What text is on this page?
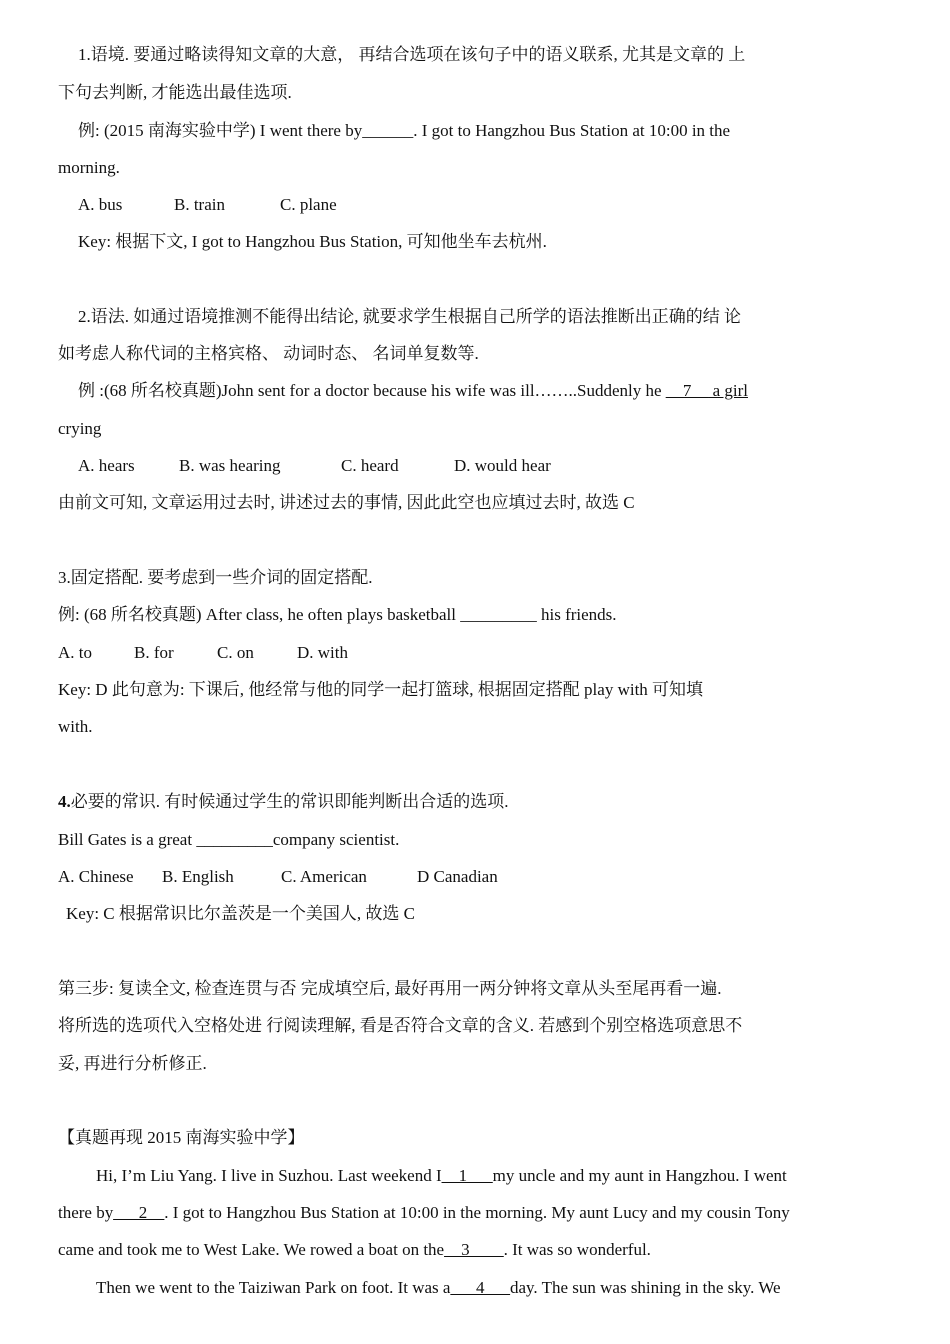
1.语境. 要通过略读得知文章的大意， 再结合选项在该句子中的语义联系, 尤其是文章的 上
下句去判断, 才能选出最佳选项.
例: (2015 南海实验中学) I went there by______. I got to Hangzhou Bus Station at 10:00 in the
morning.
A. bus	B. train	C. plane
Key: 根据下文, I got to Hangzhou Bus Station, 可知他坐车去杭州.
2.语法. 如通过语境推测不能得出结论, 就要求学生根据自己所学的语法推断出正确的结 论
如考虑人称代词的主格宾格、 动词时态、 名词单复数等.
例 :(68 所名校真题)John sent for a doctor because his wife was ill……..Suddenly he __7__ a girl
crying
A. hears	B. was hearing	C. heard	D. would hear
由前文可知, 文章运用过去时, 讲述过去的事情, 因此此空也应填过去时, 故选 C
3.固定搭配. 要考虑到一些介词的固定搭配.
例: (68 所名校真题) After class, he often plays basketball _________ his friends.
A. to B. for	C. on	D. with
Key: D 此句意为: 下课后, 他经常与他的同学一起打篮球, 根据固定搭配 play with 可知填
with.
4.必要的常识. 有时候通过学生的常识即能判断出合适的选项.
Bill Gates is a great _________company scientist.
A. Chinese B. English	C. American	D Canadian
Key: C 根据常识比尔盖茨是一个美国人, 故选 C
第三步: 复读全文, 检查连贯与否 完成填空后, 最好再用一两分钟将文章从头至尾再看一遍.
将所选的选项代入空格处进 行阅读理解, 看是否符合文章的含义. 若感到个别空格选项意思不
妥, 再进行分析修正.
【真题再现 2015 南海实验中学】
Hi, I’m Liu Yang. I live in Suzhou. Last weekend I__1___my uncle and my aunt in Hangzhou. I went
there by___2__. I got to Hangzhou Bus Station at 10:00 in the morning. My aunt Lucy and my cousin Tony
came and took me to West Lake. We rowed a boat on the__3____. It was so wonderful.
Then we went to the Taiziwan Park on foot. It was a___4___day. The sun was shining in the sky. We
